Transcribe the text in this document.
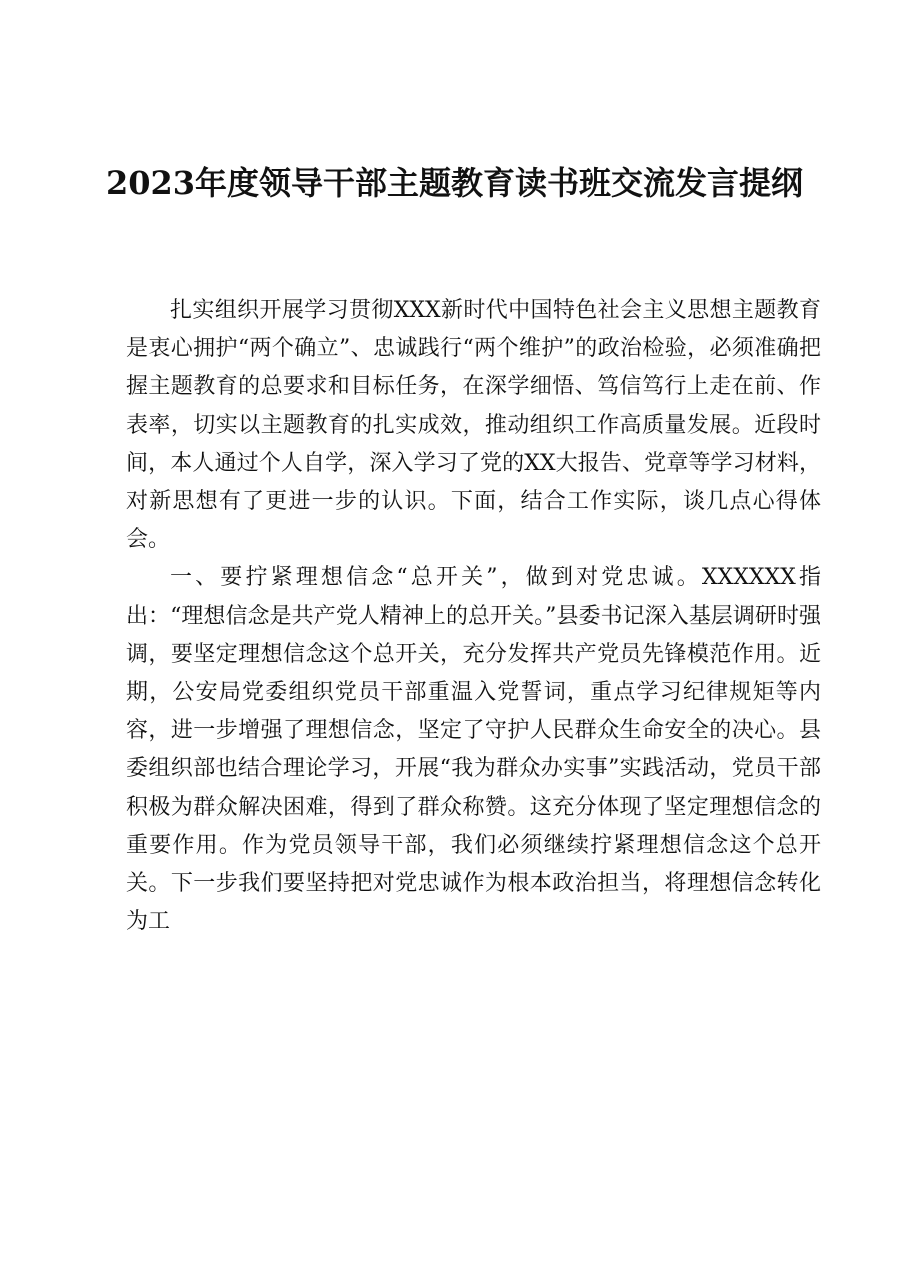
2023年度领导干部主题教育读书班交流发言提纲

扎实组织开展学习贯彻XXX新时代中国特色社会主义思想主题教育是衷心拥护“两个确立”、忠诚践行“两个维护”的政治检验，必须准确把握主题教育的总要求和目标任务，在深学细悟、笃信笃行上走在前、作表率，切实以主题教育的扎实成效，推动组织工作高质量发展。近段时间，本人通过个人自学，深入学习了党的XX大报告、党章等学习材料，对新思想有了更进一步的认识。下面，结合工作实际，谈几点心得体会。

一、要拧紧理想信念“总开关”，做到对党忠诚。XXXXXX指出：“理想信念是共产党人精神上的总开关。”县委书记深入基层调研时强调，要坚定理想信念这个总开关，充分发挥共产党员先锋模范作用。近期，公安局党委组织党员干部重温入党誓词，重点学习纪律规矩等内容，进一步增强了理想信念，坚定了守护人民群众生命安全的决心。县委组织部也结合理论学习，开展“我为群众办实事”实践活动，党员干部积极为群众解决困难，得到了群众称赞。这充分体现了坚定理想信念的重要作用。作为党员领导干部，我们必须继续拧紧理想信念这个总开关。下一步我们要坚持把对党忠诚作为根本政治担当，将理想信念转化为工
